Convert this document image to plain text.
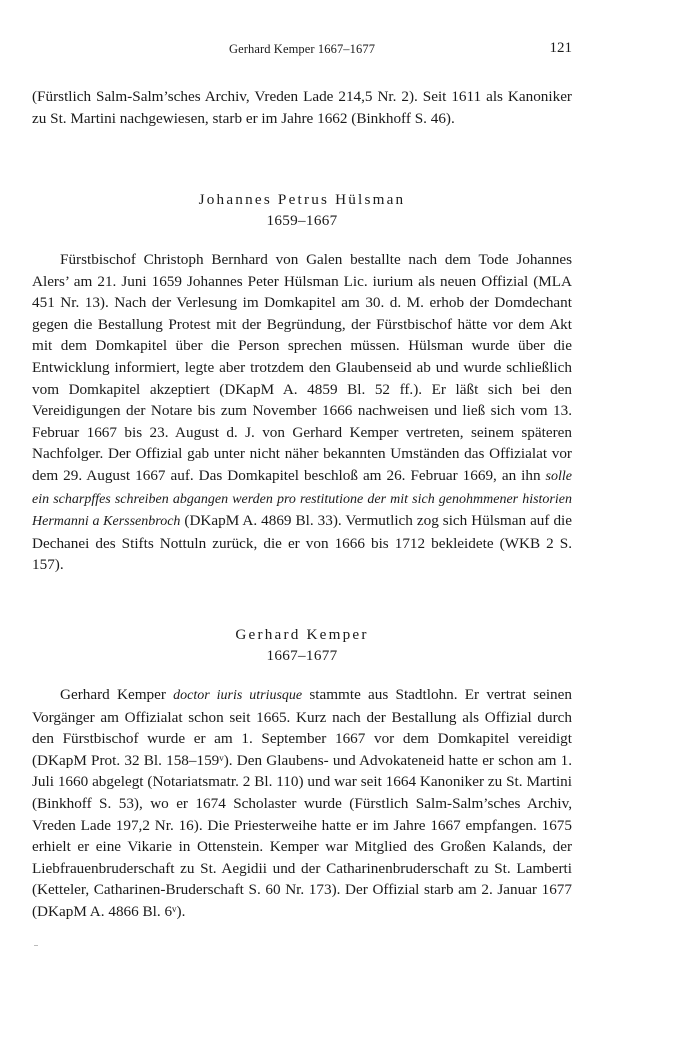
Gerhard Kemper 1667–1677	121

(Fürstlich Salm-Salm’sches Archiv, Vreden Lade 214,5 Nr. 2). Seit 1611 als Kanoniker zu St. Martini nachgewiesen, starb er im Jahre 1662 (Binkhoff S. 46).

Johannes Petrus Hülsman
1659–1667

Fürstbischof Christoph Bernhard von Galen bestallte nach dem Tode Johannes Alers’ am 21. Juni 1659 Johannes Peter Hülsman Lic. iurium als neuen Offizial (MLA 451 Nr. 13). Nach der Verlesung im Domkapitel am 30. d. M. erhob der Domdechant gegen die Bestallung Protest mit der Begründung, der Fürstbischof hätte vor dem Akt mit dem Domkapitel über die Person sprechen müssen. Hülsman wurde über die Entwicklung informiert, legte aber trotzdem den Glaubenseid ab und wurde schließlich vom Domkapitel akzeptiert (DKapM A. 4859 Bl. 52 ff.). Er läßt sich bei den Vereidigungen der Notare bis zum November 1666 nachweisen und ließ sich vom 13. Februar 1667 bis 23. August d. J. von Gerhard Kemper vertreten, seinem späteren Nachfolger. Der Offizial gab unter nicht näher bekannten Umständen das Offizialat vor dem 29. August 1667 auf. Das Domkapitel beschloß am 26. Februar 1669, an ihn solle ein scharpffes schreiben abgangen werden pro restitutione der mit sich genohmmener historien Hermanni a Kerssenbroch (DKapM A. 4869 Bl. 33). Vermutlich zog sich Hülsman auf die Dechanei des Stifts Nottuln zurück, die er von 1666 bis 1712 bekleidete (WKB 2 S. 157).

Gerhard Kemper
1667–1677

Gerhard Kemper doctor iuris utriusque stammte aus Stadtlohn. Er vertrat seinen Vorgänger am Offizialat schon seit 1665. Kurz nach der Bestallung als Offizial durch den Fürstbischof wurde er am 1. September 1667 vor dem Domkapitel vereidigt (DKapM Prot. 32 Bl. 158–159ᵛ). Den Glaubens- und Advokateneid hatte er schon am 1. Juli 1660 abgelegt (Notariatsmatr. 2 Bl. 110) und war seit 1664 Kanoniker zu St. Martini (Binkhoff S. 53), wo er 1674 Scholaster wurde (Fürstlich Salm-Salm’sches Archiv, Vreden Lade 197,2 Nr. 16). Die Priesterweihe hatte er im Jahre 1667 empfangen. 1675 erhielt er eine Vikarie in Ottenstein. Kemper war Mitglied des Großen Kalands, der Liebfrauenbruderschaft zu St. Aegidii und der Catharinenbruderschaft zu St. Lamberti (Ketteler, Catharinen-Bruderschaft S. 60 Nr. 173). Der Offizial starb am 2. Januar 1677 (DKapM A. 4866 Bl. 6ᵛ).
